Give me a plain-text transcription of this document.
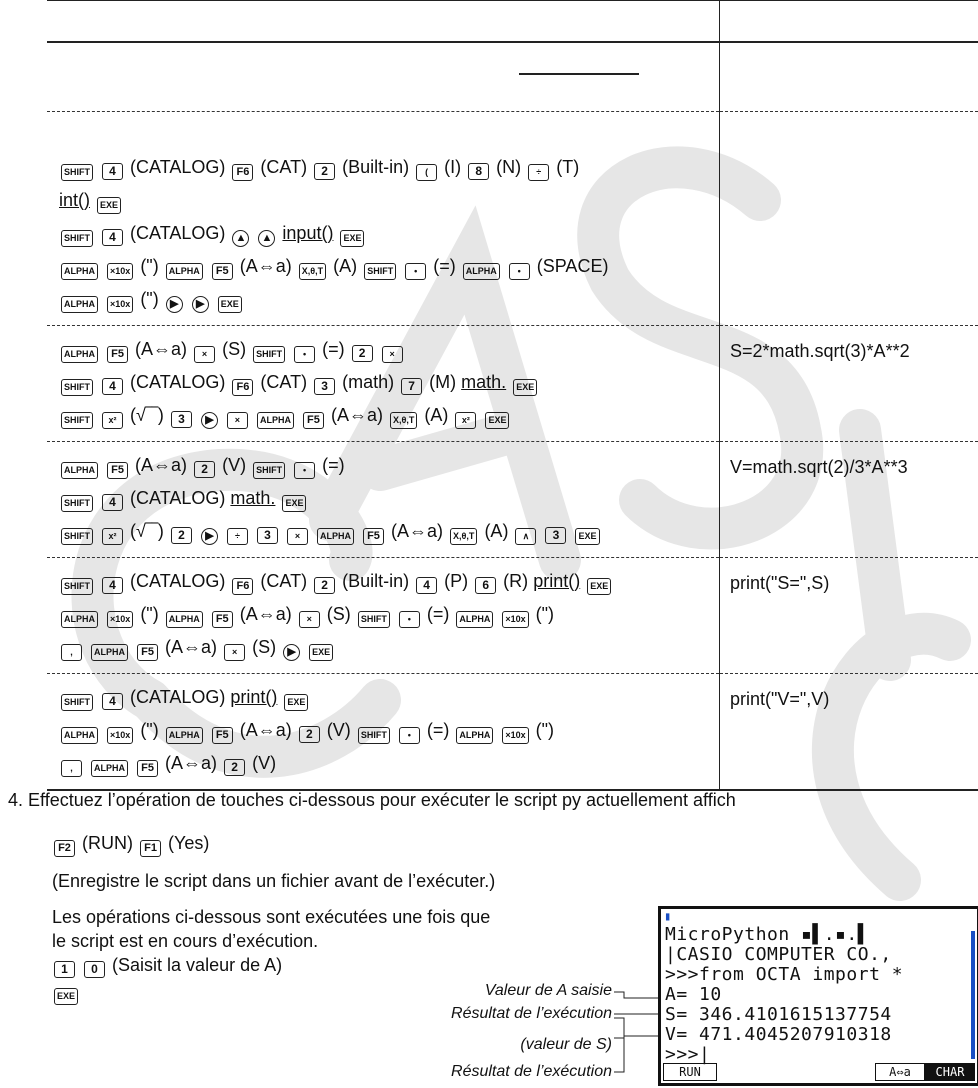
SHIFT 4 (CATALOG) F6 (CAT) 2 (Built-in) ( (I) 8 (N) ÷ (T)
int() EXE
SHIFT 4 (CATALOG) ▲ ▲ input() EXE
ALPHA ×10x (") ALPHA F5 (A⇔a) X,θ,T (A) SHIFT • (=) ALPHA • (SPACE)
ALPHA ×10x (") ▶ ▶ EXE	

ALPHA F5 (A⇔a) × (S) SHIFT • (=) 2 ×
SHIFT 4 (CATALOG) F6 (CAT) 3 (math) 7 (M) math. EXE
SHIFT x² (√‾‾) 3 ▶ × ALPHA F5 (A⇔a) X,θ,T (A) x² EXE	S=2*math.sqrt(3)*A**2

ALPHA F5 (A⇔a) 2 (V) SHIFT • (=)
SHIFT 4 (CATALOG) math. EXE
SHIFT x² (√‾‾) 2 ▶ ÷ 3 × ALPHA F5 (A⇔a) X,θ,T (A) ∧ 3 EXE	V=math.sqrt(2)/3*A**3

SHIFT 4 (CATALOG) F6 (CAT) 2 (Built-in) 4 (P) 6 (R) print() EXE
ALPHA ×10x (") ALPHA F5 (A⇔a) × (S) SHIFT • (=) ALPHA ×10x (")
, ALPHA F5 (A⇔a) × (S) ▶ EXE	print("S=",S)

SHIFT 4 (CATALOG) print() EXE
ALPHA ×10x (") ALPHA F5 (A⇔a) 2 (V) SHIFT • (=) ALPHA ×10x (")
, ALPHA F5 (A⇔a) 2 (V)	print("V=",V)
4. Effectuez l’opération de touches ci-dessous pour exécuter le script py actuellement affich
F2 (RUN) F1 (Yes)
(Enregistre le script dans un fichier avant de l’exécuter.)
Les opérations ci-dessous sont exécutées une fois que
le script est en cours d’exécution.
1 0 (Saisit la valeur de A)
EXE	Valeur de A saisie
Résultat de l’exécution
(valeur de S)
Résultat de l’exécution
▮
MicroPython ▪▌.▪.▌
|CASIO COMPUTER CO.,
>>>from OCTA import *
A= 10
S= 346.4101615137754
V= 471.4045207910318
>>>|
RUN	A⇔a	CHAR
